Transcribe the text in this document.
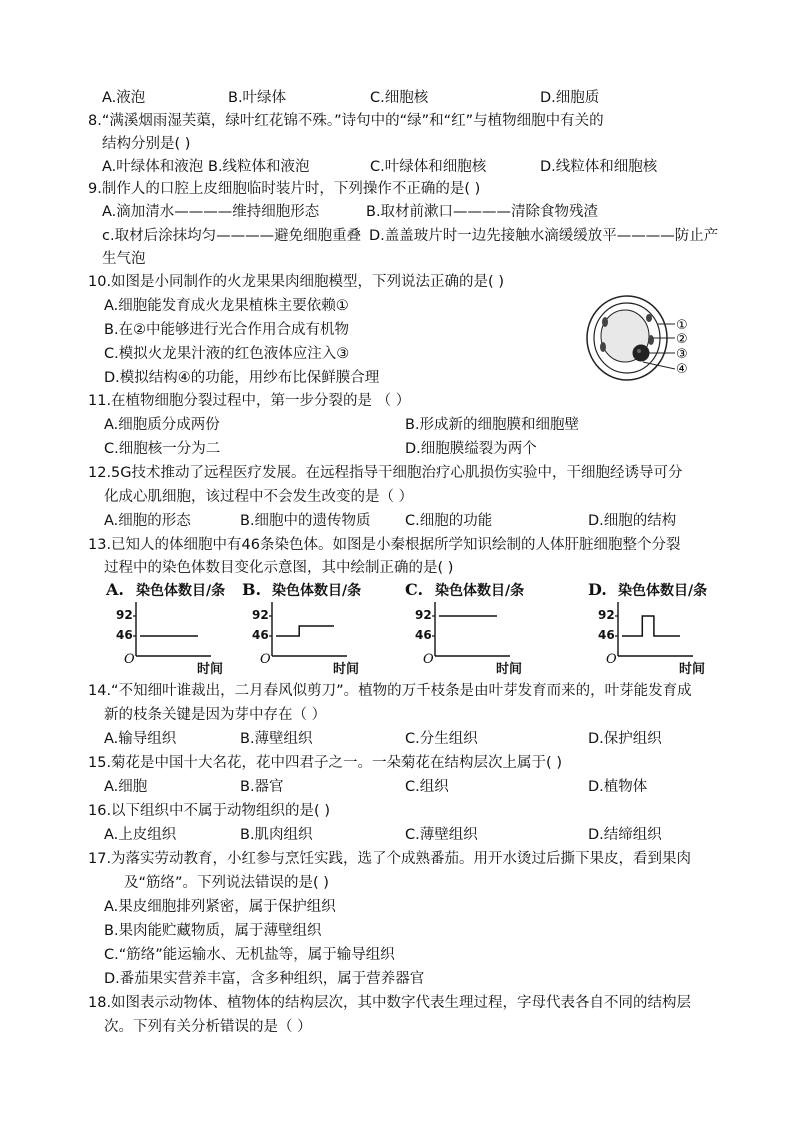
A.液泡	B.叶绿体	C.细胞核	D.细胞质
8.“满溪烟雨湿芙蕖，绿叶红花锦不殊。”诗句中的“绿”和“红”与植物细胞中有关的
结构分别是( )
A.叶绿体和液泡 B.线粒体和液泡	C.叶绿体和细胞核	D.线粒体和细胞核
9.制作人的口腔上皮细胞临时装片时，下列操作不正确的是( )
A.滴加清水————维持细胞形态	B.取材前漱口————清除食物残渣
c.取材后涂抹均匀————避免细胞重叠 D.盖盖玻片时一边先接触水滴缓缓放平————防止产
生气泡
10.如图是小同制作的火龙果果肉细胞模型，下列说法正确的是( )
A.细胞能发育成火龙果植株主要依赖①
B.在②中能够进行光合作用合成有机物
C.模拟火龙果汁液的红色液体应注入③
D.模拟结构④的功能，用纱布比保鲜膜合理
①
②
③
④
11.在植物细胞分裂过程中，第一步分裂的是 （ ）
A.细胞质分成两份	B.形成新的细胞膜和细胞壁
C.细胞核一分为二	D.细胞膜缢裂为两个
12.5G技术推动了远程医疗发展。在远程指导干细胞治疗心肌损伤实验中，干细胞经诱导可分
化成心肌细胞，该过程中不会发生改变的是（ ）
A.细胞的形态	B.细胞中的遗传物质 C.细胞的功能	D.细胞的结构
13.已知人的体细胞中有46条染色体。如图是小秦根据所学知识绘制的人体肝脏细胞整个分裂
过程中的染色体数目变化示意图，其中绘制正确的是( )
A. 染色体数目/条
46
92
O
时间
B. 染色体数目/条
46
92
O
时间
C. 染色体数目/条
46
92
O
时间
D. 染色体数目/条
46
92
O
时间
14.“不知细叶谁裁出，二月春风似剪刀”。植物的万千枝条是由叶芽发育而来的，叶芽能发育成
新的枝条关键是因为芽中存在（ ）
A.输导组织	B.薄壁组织	C.分生组织	D.保护组织
15.菊花是中国十大名花，花中四君子之一。一朵菊花在结构层次上属于( )
A.细胞	B.器官	C.组织	D.植物体
16.以下组织中不属于动物组织的是( )
A.上皮组织	B.肌肉组织	C.薄壁组织	D.结缔组织
17.为落实劳动教育，小红参与烹饪实践，选了个成熟番茄。用开水烫过后撕下果皮，看到果肉
及“筋络”。下列说法错误的是( )
A.果皮细胞排列紧密，属于保护组织
B.果肉能贮藏物质，属于薄壁组织
C.“筋络”能运输水、无机盐等，属于输导组织
D.番茄果实营养丰富，含多种组织，属于营养器官
18.如图表示动物体、植物体的结构层次，其中数字代表生理过程，字母代表各自不同的结构层
次。下列有关分析错误的是（ ）
